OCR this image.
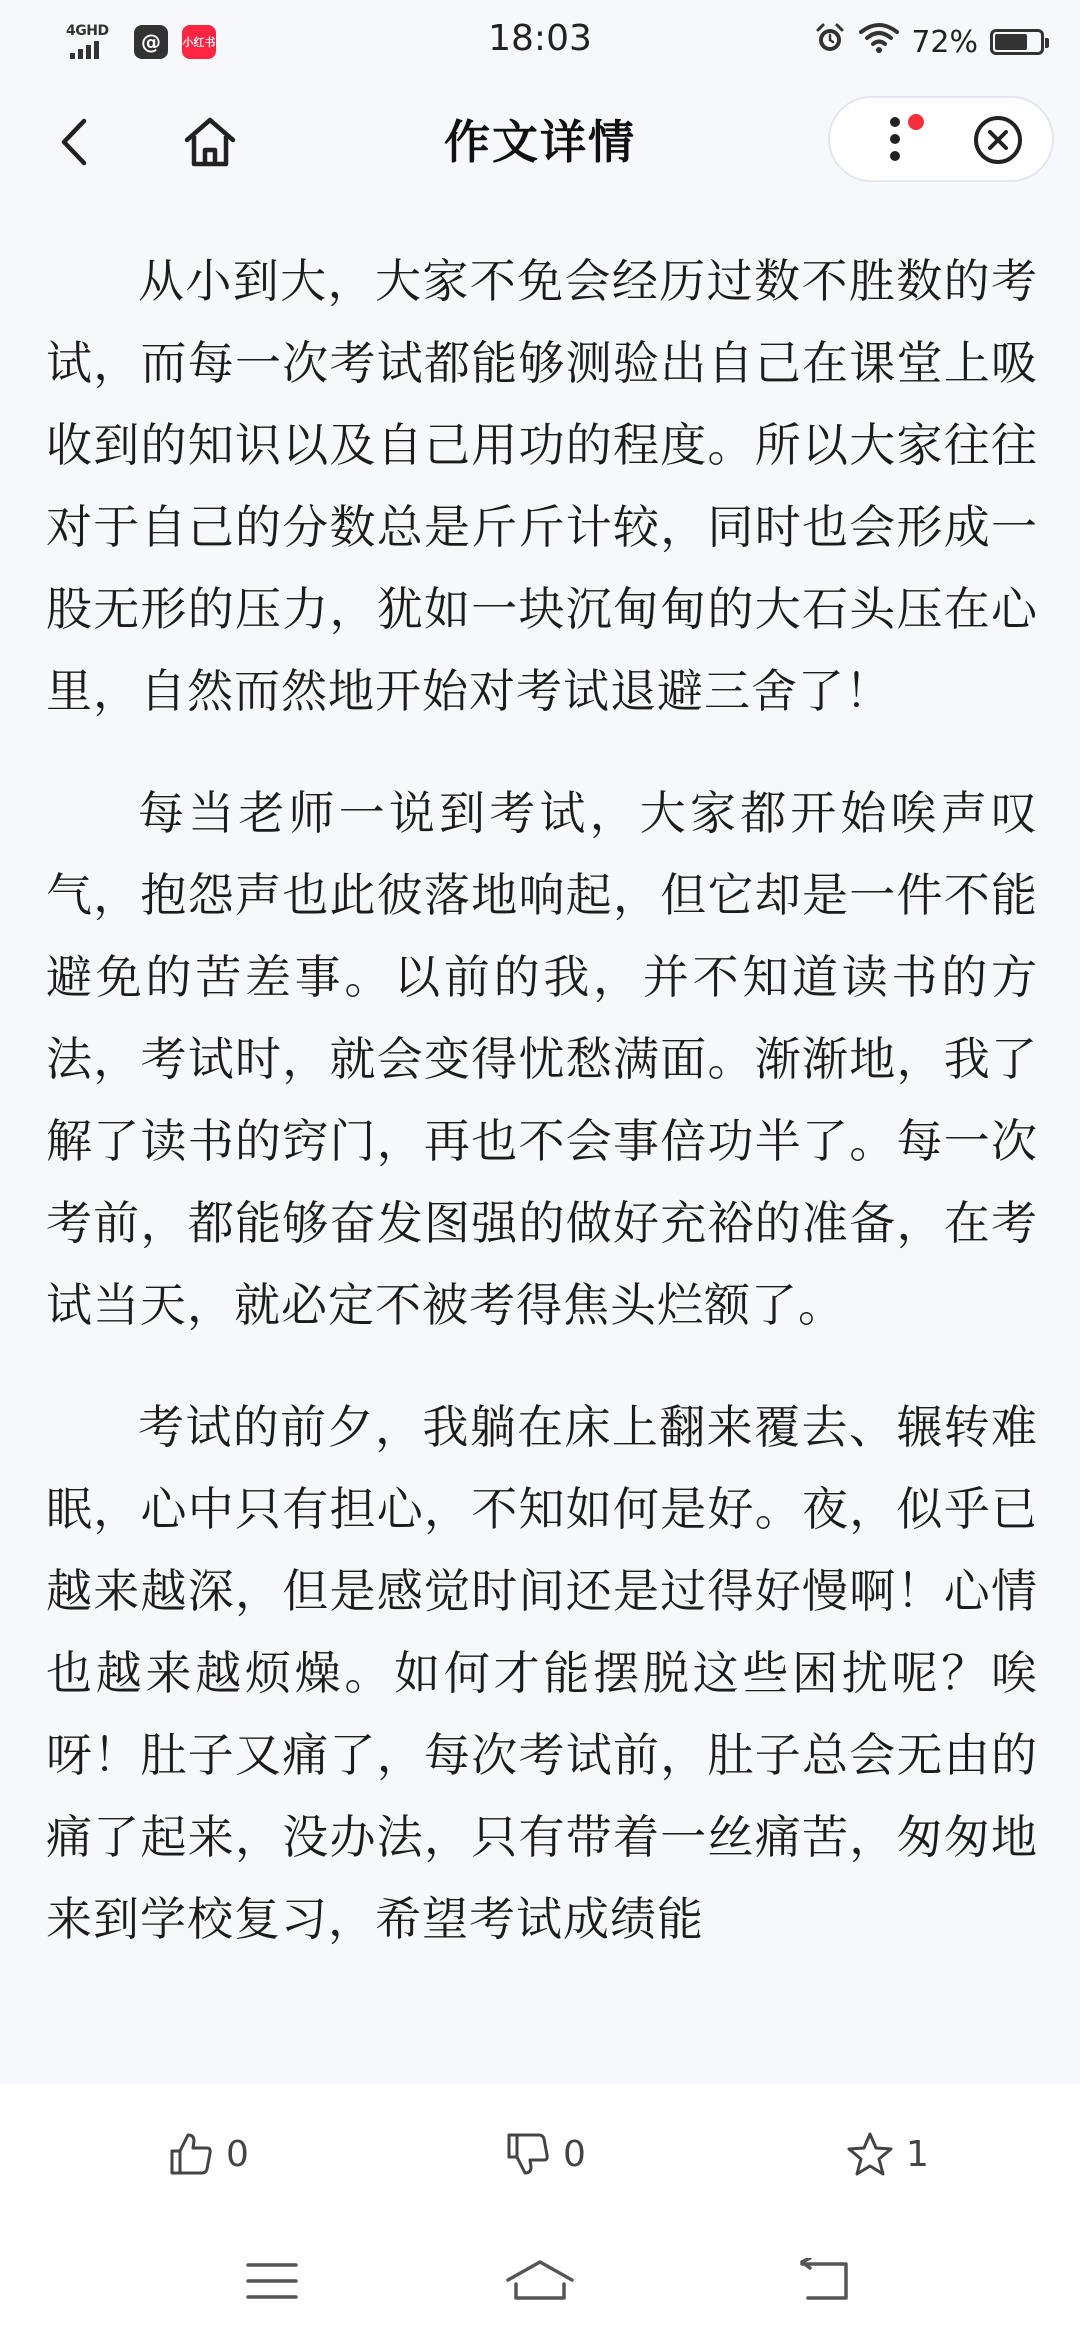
4GHD @ 小红书	18:03	72%
作文详情

从小到大，大家不免会经历过数不胜数的考试，而每一次考试都能够测验出自己在课堂上吸收到的知识以及自己用功的程度。所以大家往往对于自己的分数总是斤斤计较，同时也会形成一股无形的压力，犹如一块沉甸甸的大石头压在心里，自然而然地开始对考试退避三舍了！

每当老师一说到考试，大家都开始唉声叹气，抱怨声也此彼落地响起，但它却是一件不能避免的苦差事。以前的我，并不知道读书的方法，考试时，就会变得忧愁满面。渐渐地，我了解了读书的窍门，再也不会事倍功半了。每一次考前，都能够奋发图强的做好充裕的准备，在考试当天，就必定不被考得焦头烂额了。

考试的前夕，我躺在床上翻来覆去、辗转难眠，心中只有担心，不知如何是好。夜，似乎已越来越深，但是感觉时间还是过得好慢啊！心情也越来越烦燥。如何才能摆脱这些困扰呢？唉呀！肚子又痛了，每次考试前，肚子总会无由的痛了起来，没办法，只有带着一丝痛苦，匆匆地来到学校复习，希望考试成绩能

0	0	1
